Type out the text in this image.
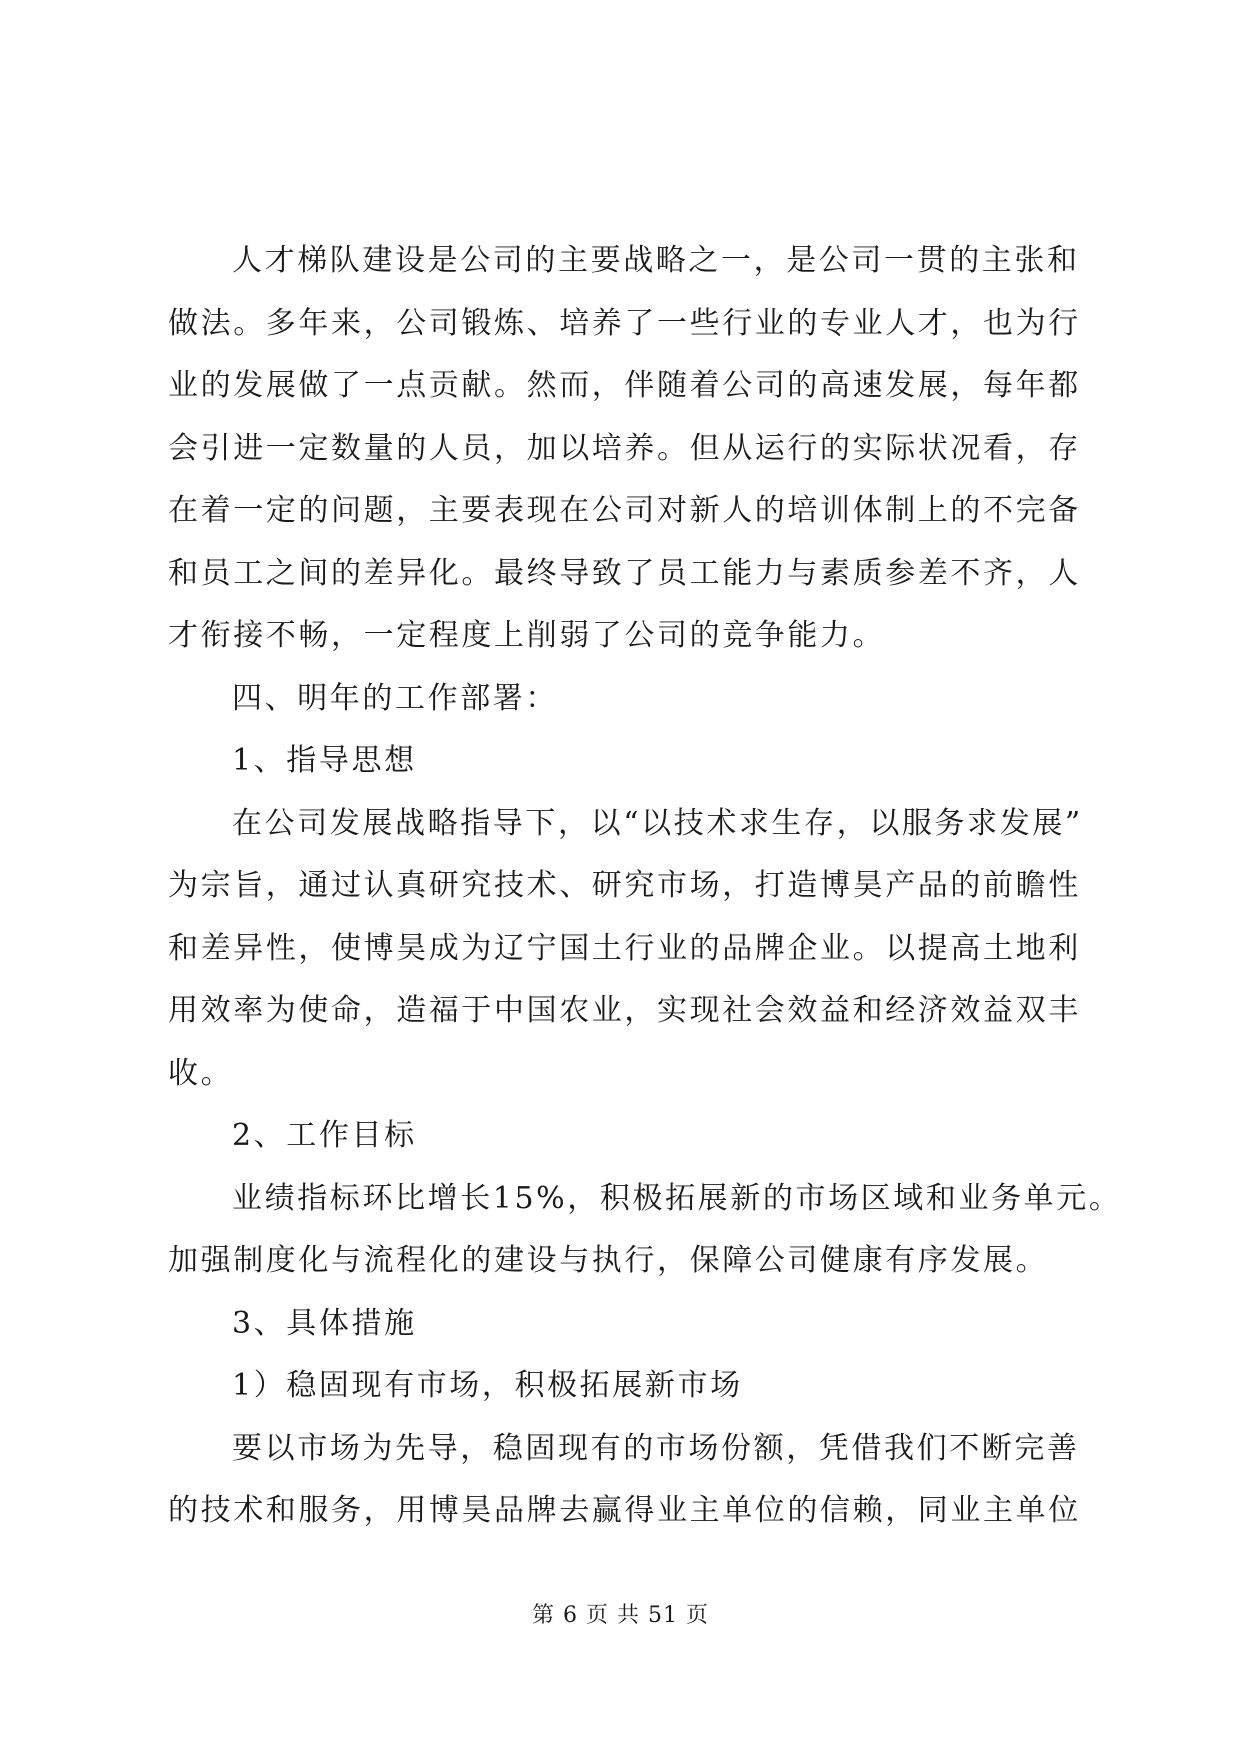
人才梯队建设是公司的主要战略之一，是公司一贯的主张和
做法。多年来，公司锻炼、培养了一些行业的专业人才，也为行
业的发展做了一点贡献。然而，伴随着公司的高速发展，每年都
会引进一定数量的人员，加以培养。但从运行的实际状况看，存
在着一定的问题，主要表现在公司对新人的培训体制上的不完备
和员工之间的差异化。最终导致了员工能力与素质参差不齐，人
才衔接不畅，一定程度上削弱了公司的竞争能力。
四、明年的工作部署：
1、指导思想
在公司发展战略指导下，以“以技术求生存，以服务求发展”
为宗旨，通过认真研究技术、研究市场，打造博昊产品的前瞻性
和差异性，使博昊成为辽宁国土行业的品牌企业。以提高土地利
用效率为使命，造福于中国农业，实现社会效益和经济效益双丰
收。
2、工作目标
业绩指标环比增长15%，积极拓展新的市场区域和业务单元。
加强制度化与流程化的建设与执行，保障公司健康有序发展。
3、具体措施
1）稳固现有市场，积极拓展新市场
要以市场为先导，稳固现有的市场份额，凭借我们不断完善
的技术和服务，用博昊品牌去赢得业主单位的信赖，同业主单位
第 6 页 共 51 页
